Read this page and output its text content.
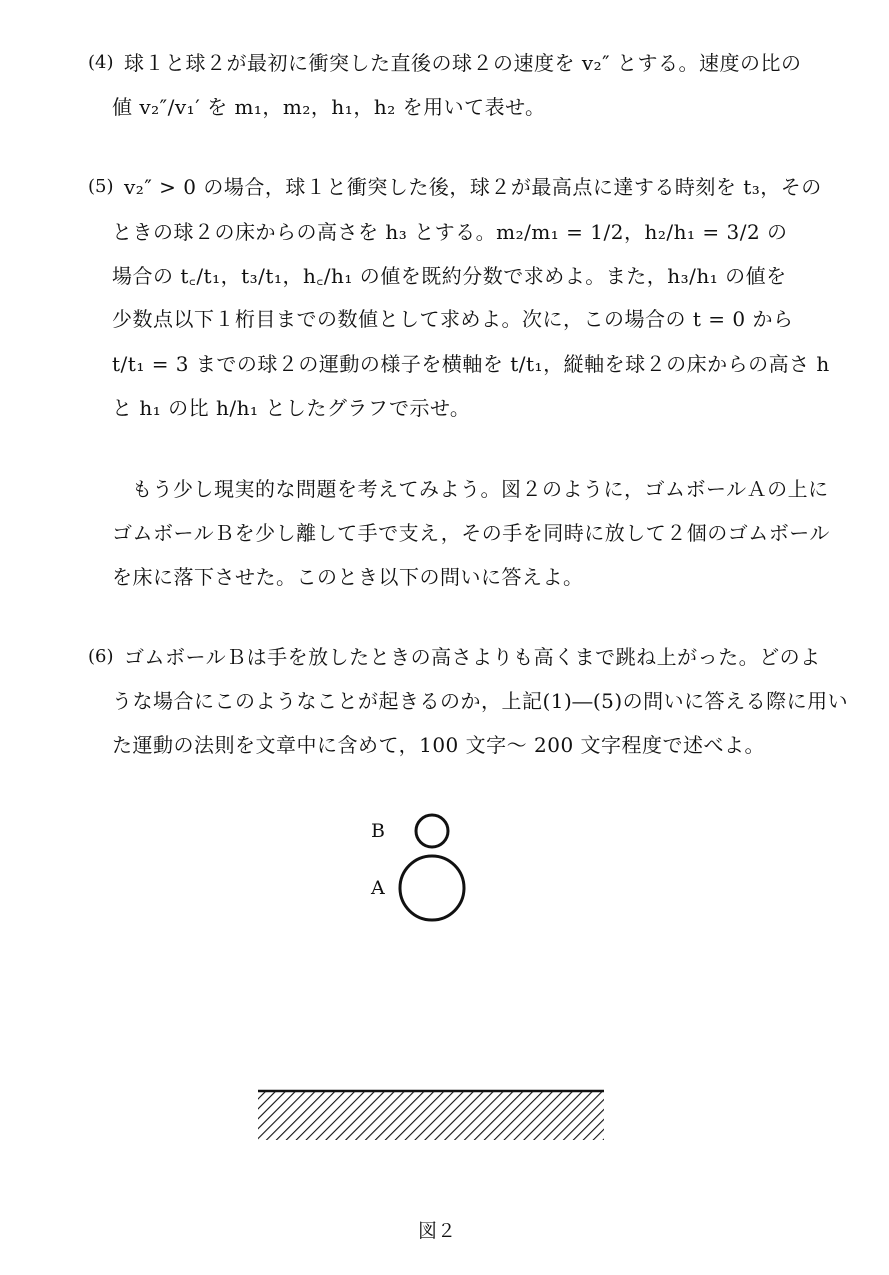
(4) 球１と球２が最初に衝突した直後の球２の速度を v₂″ とする。速度の比の
値 v₂″/v₁′ を m₁，m₂，h₁，h₂ を用いて表せ。
(5) v₂″ > 0 の場合，球１と衝突した後，球２が最高点に達する時刻を t₃，その
ときの球２の床からの高さを h₃ とする。m₂/m₁ = 1/2，h₂/h₁ = 3/2 の
場合の t꜀/t₁，t₃/t₁，h꜀/h₁ の値を既約分数で求めよ。また，h₃/h₁ の値を
少数点以下１桁目までの数値として求めよ。次に，この場合の t = 0 から
t/t₁ = 3 までの球２の運動の様子を横軸を t/t₁，縦軸を球２の床からの高さ h
と h₁ の比 h/h₁ としたグラフで示せ。
もう少し現実的な問題を考えてみよう。図２のように，ゴムボールＡの上に
ゴムボールＢを少し離して手で支え，その手を同時に放して２個のゴムボール
を床に落下させた。このとき以下の問いに答えよ。
(6) ゴムボールＢは手を放したときの高さよりも高くまで跳ね上がった。どのよ
うな場合にこのようなことが起きるのか，上記(1)―(5)の問いに答える際に用い
た運動の法則を文章中に含めて，100 文字～ 200 文字程度で述べよ。
B
A
図２
